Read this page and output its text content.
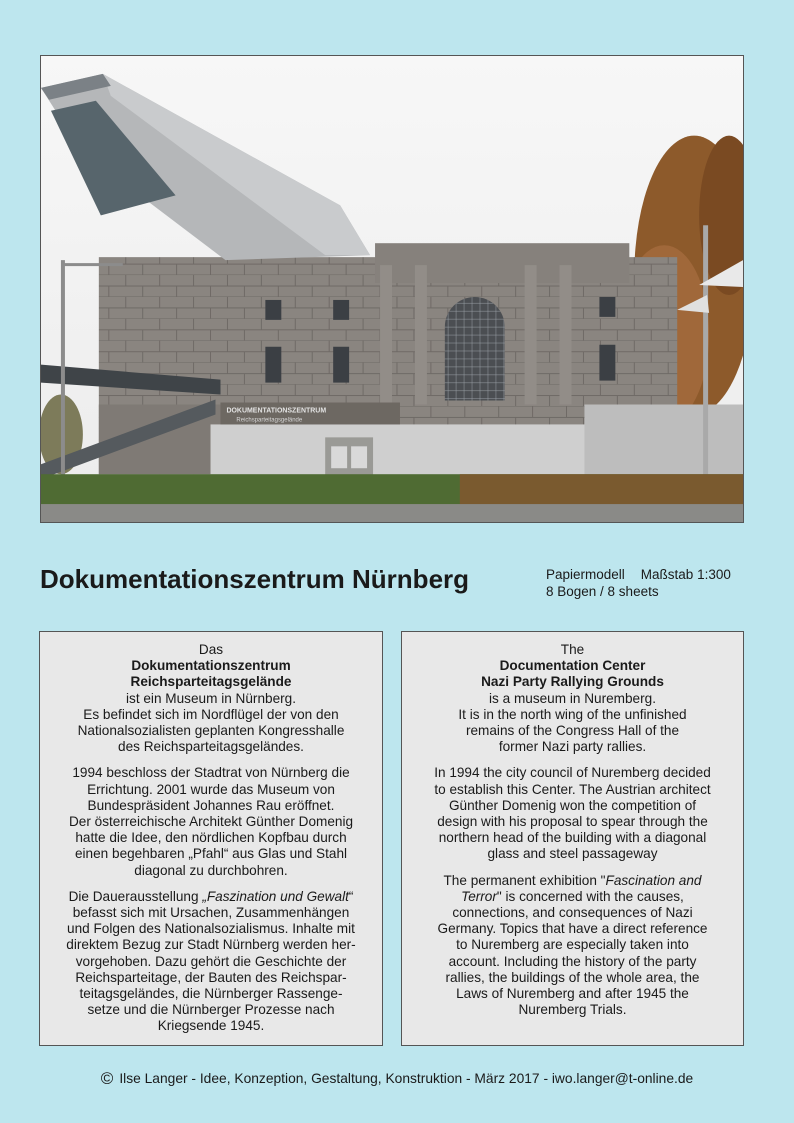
DOKUMENTATIONSZENTRUM
Reichsparteitagsgelände
Dokumentationszentrum Nürnberg	Papiermodell Maßstab 1:300
8 Bogen / 8 sheets

Das
Dokumentationszentrum
Reichsparteitagsgelände
ist ein Museum in Nürnberg.
Es befindet sich im Nordflügel der von den
Nationalsozialisten geplanten Kongresshalle
des Reichsparteitagsgeländes.

1994 beschloss der Stadtrat von Nürnberg die
Errichtung. 2001 wurde das Museum von
Bundespräsident Johannes Rau eröffnet.
Der österreichische Architekt Günther Domenig
hatte die Idee, den nördlichen Kopfbau durch
einen begehbaren „Pfahl“ aus Glas und Stahl
diagonal zu durchbohren.

Die Dauerausstellung „Faszination und Gewalt“
befasst sich mit Ursachen, Zusammenhängen
und Folgen des Nationalsozialismus. Inhalte mit
direktem Bezug zur Stadt Nürnberg werden her-
vorgehoben. Dazu gehört die Geschichte der
Reichsparteitage, der Bauten des Reichspar-
teitagsgeländes, die Nürnberger Rassenge-
setze und die Nürnberger Prozesse nach
Kriegsende 1945.

The
Documentation Center
Nazi Party Rallying Grounds
is a museum in Nuremberg.
It is in the north wing of the unfinished
remains of the Congress Hall of the
former Nazi party rallies.

In 1994 the city council of Nuremberg decided
to establish this Center. The Austrian architect
Günther Domenig won the competition of
design with his proposal to spear through the
northern head of the building with a diagonal
glass and steel passageway

The permanent exhibition "Fascination and
Terror" is concerned with the causes,
connections, and consequences of Nazi
Germany. Topics that have a direct reference
to Nuremberg are especially taken into
account. Including the history of the party
rallies, the buildings of the whole area, the
Laws of Nuremberg and after 1945 the
Nuremberg Trials.

© Ilse Langer - Idee, Konzeption, Gestaltung, Konstruktion - März 2017 - iwo.langer@t-online.de
